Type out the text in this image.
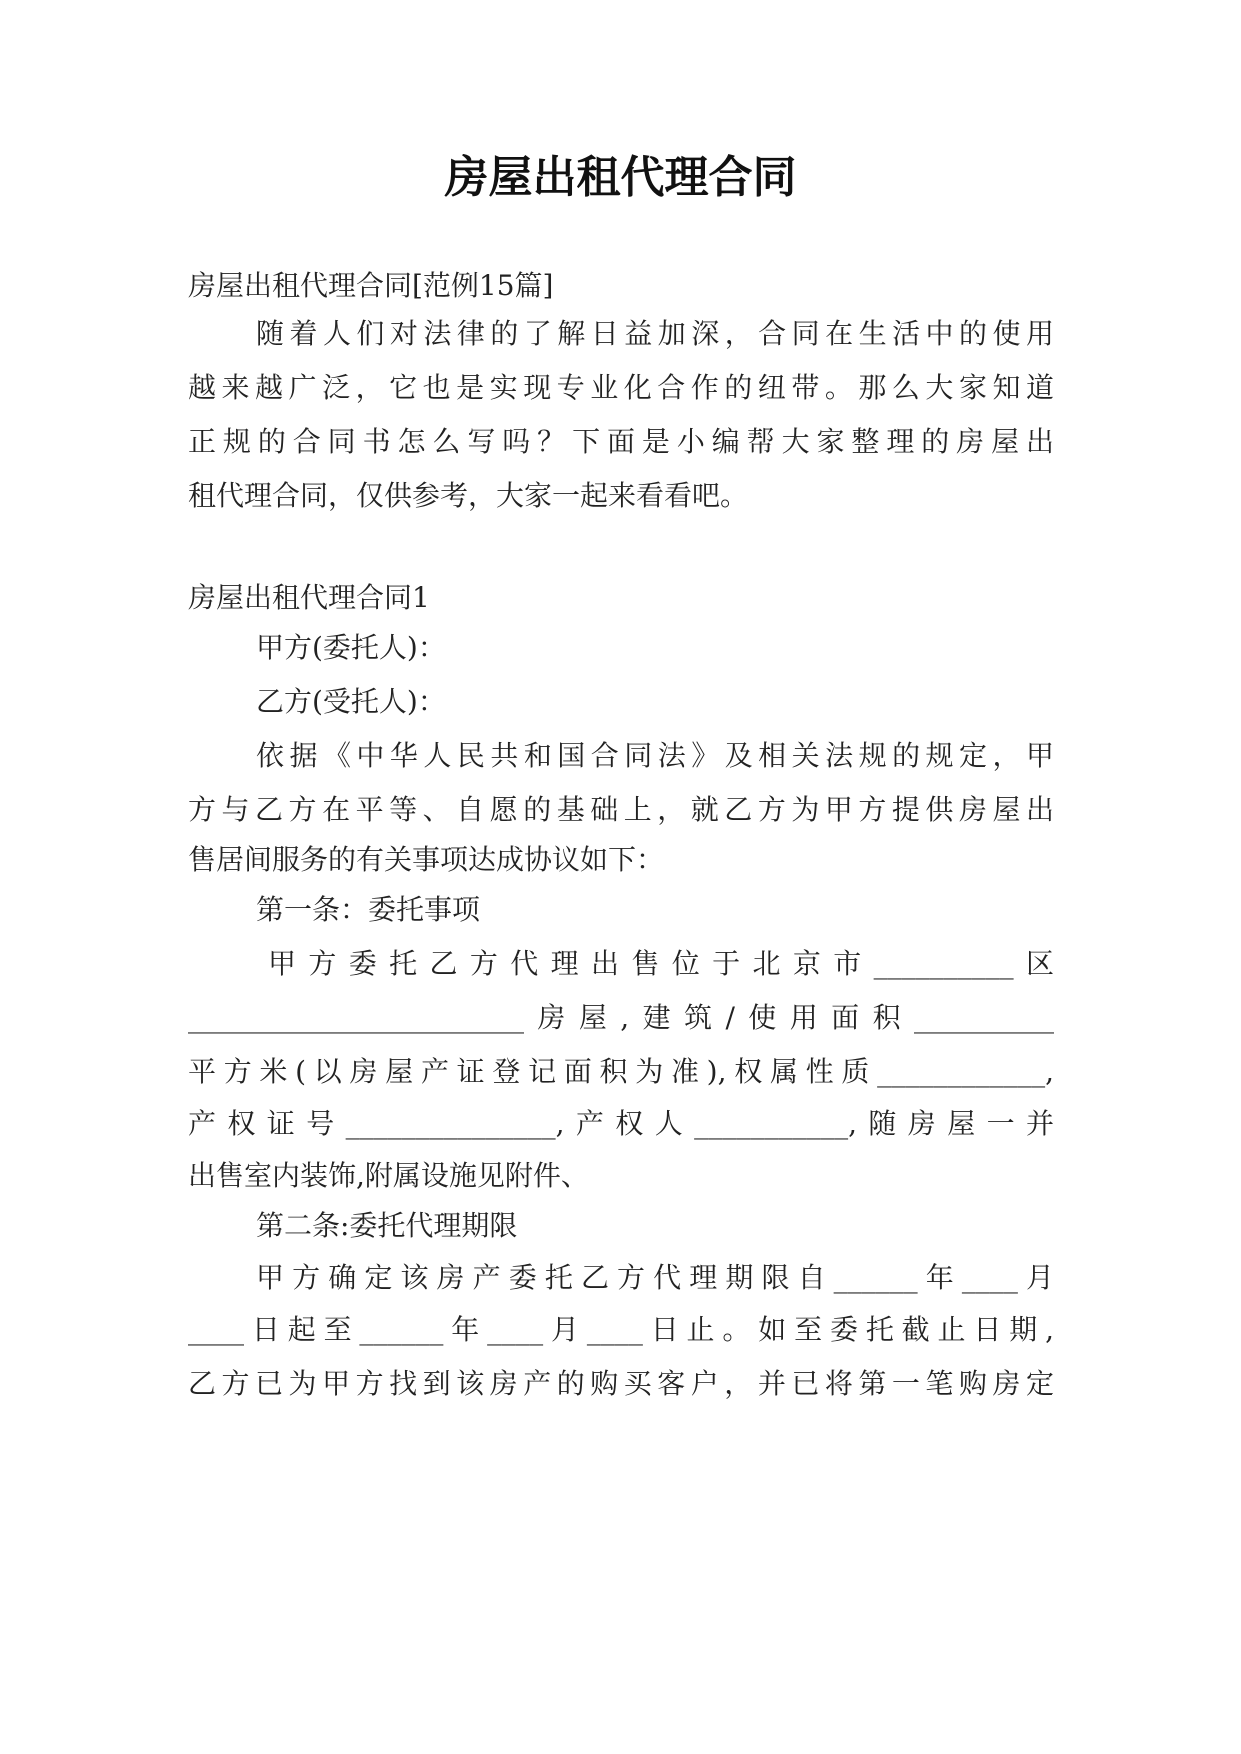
房屋出租代理合同
房屋出租代理合同[范例15篇]
随着人们对法律的了解日益加深，合同在生活中的使用
越来越广泛，它也是实现专业化合作的纽带。那么大家知道
正规的合同书怎么写吗？下面是小编帮大家整理的房屋出
租代理合同，仅供参考，大家一起来看看吧。
房屋出租代理合同1
甲方(委托人)：
乙方(受托人)：
依据《中华人民共和国合同法》及相关法规的规定，甲
方与乙方在平等、自愿的基础上，就乙方为甲方提供房屋出
售居间服务的有关事项达成协议如下：
第一条：委托事项
甲方委托乙方代理出售位于北京市__________区
________________________房屋,建筑/使用面积__________
平方米(以房屋产证登记面积为准),权属性质____________,
产权证号_______________,产权人___________,随房屋一并
出售室内装饰,附属设施见附件、
第二条:委托代理期限
甲方确定该房产委托乙方代理期限自______年____月
____日起至______年____月____日止。如至委托截止日期,
乙方已为甲方找到该房产的购买客户，并已将第一笔购房定
